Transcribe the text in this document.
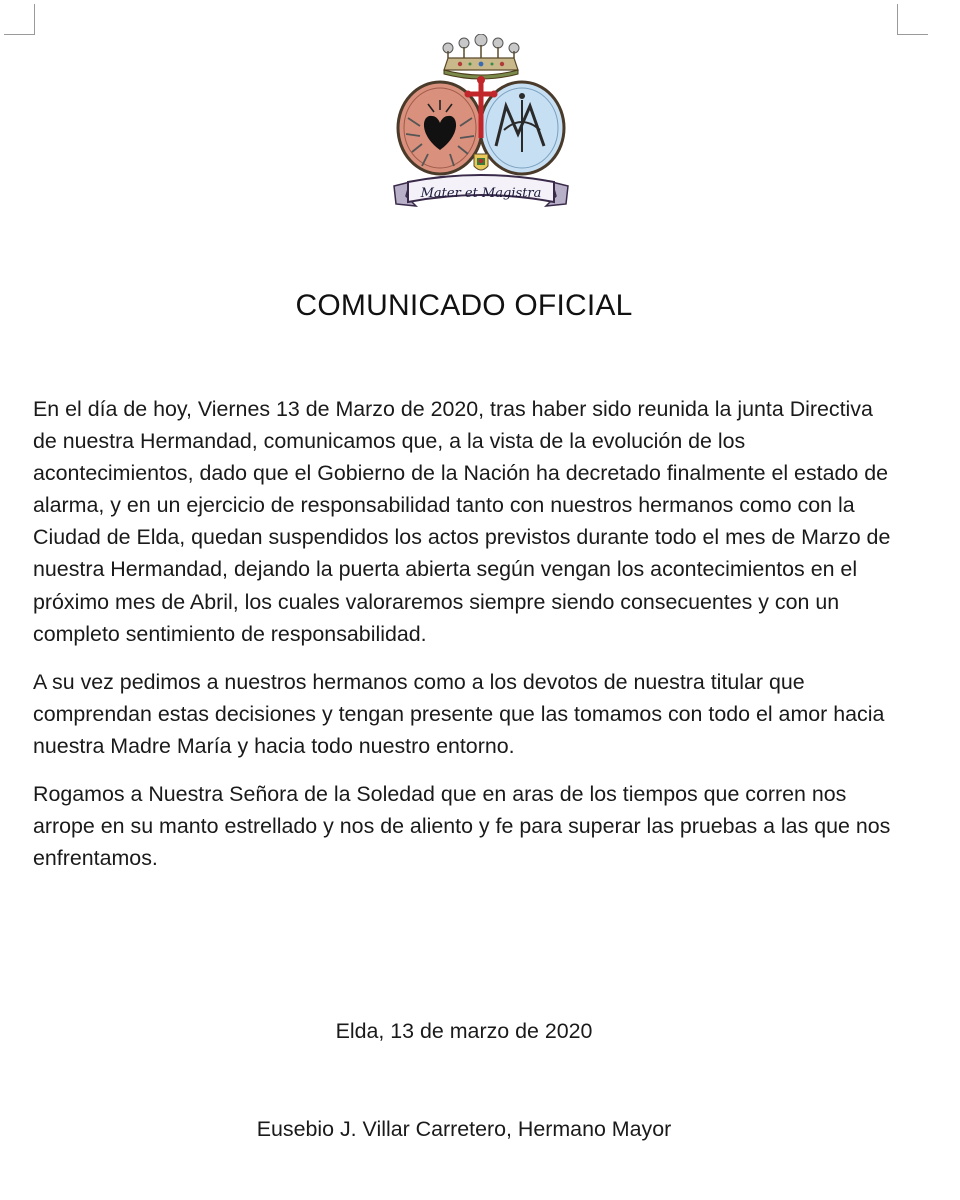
Mater et Magistra
COMUNICADO OFICIAL

En el día de hoy, Viernes 13 de Marzo de 2020, tras haber sido reunida la junta Directiva de nuestra Hermandad, comunicamos que, a la vista de la evolución de los acontecimientos, dado que el Gobierno de la Nación ha decretado finalmente el estado de alarma, y en un ejercicio de responsabilidad tanto con nuestros hermanos como con la Ciudad de Elda, quedan suspendidos los actos previstos durante todo el mes de Marzo de nuestra Hermandad, dejando la puerta abierta según vengan los acontecimientos en el próximo mes de Abril, los cuales valoraremos siempre siendo consecuentes y con un completo sentimiento de responsabilidad.

A su vez pedimos a nuestros hermanos como a los devotos de nuestra titular que comprendan estas decisiones y tengan presente que las tomamos con todo el amor hacia nuestra Madre María y hacia todo nuestro entorno.

Rogamos a Nuestra Señora de la Soledad que en aras de los tiempos que corren nos arrope en su manto estrellado y nos de aliento y fe para superar las pruebas a las que nos enfrentamos.

Elda, 13 de marzo de 2020
Eusebio J. Villar Carretero, Hermano Mayor
